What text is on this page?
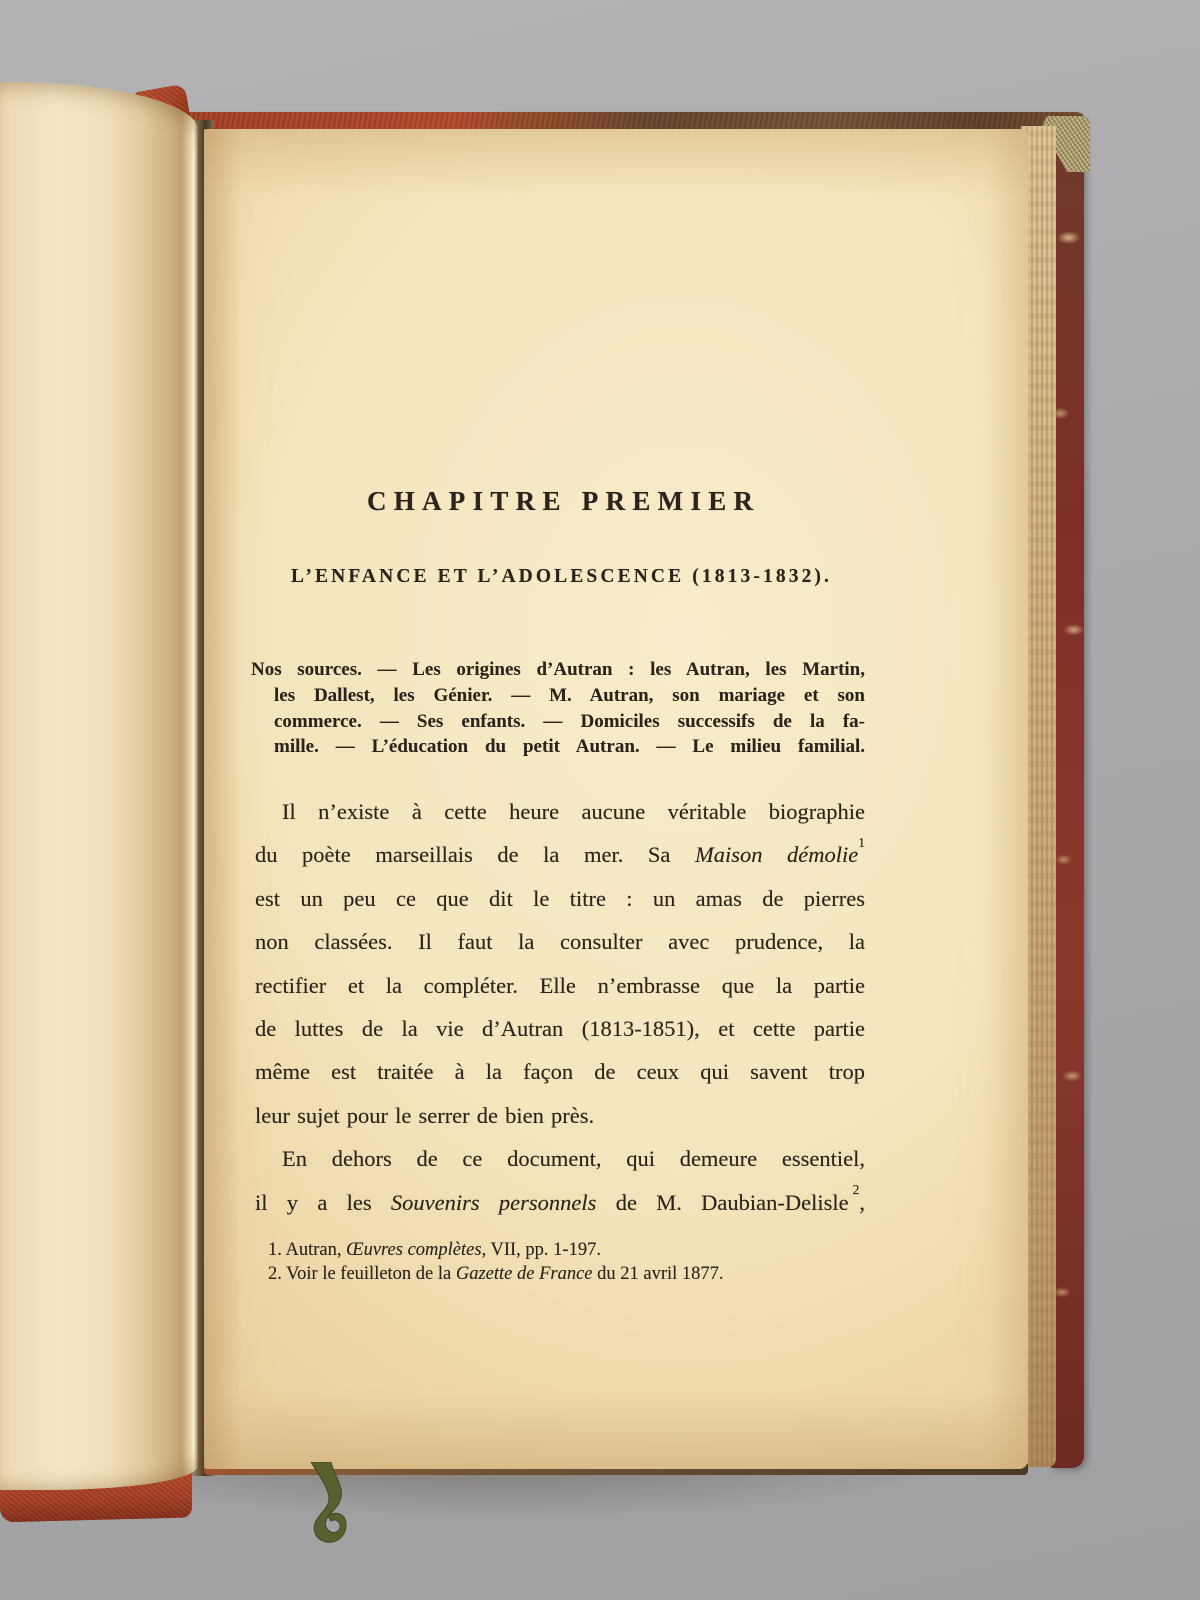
CHAPITRE PREMIER
L’ENFANCE ET L’ADOLESCENCE (1813-1832).
Nos sources. — Les origines d’Autran : les Autran, les Martin,
les Dallest, les Génier. — M. Autran, son mariage et son
commerce. — Ses enfants. — Domiciles successifs de la fa-
mille. — L’éducation du petit Autran. — Le milieu familial.
Il n’existe à cette heure aucune véritable biographie
du poète marseillais de la mer. Sa Maison démolie$^1$
est un peu ce que dit le titre : un amas de pierres
non classées. Il faut la consulter avec prudence, la
rectifier et la compléter. Elle n’embrasse que la partie
de luttes de la vie d’Autran (1813-1851), et cette partie
même est traitée à la façon de ceux qui savent trop
leur sujet pour le serrer de bien près.
En dehors de ce document, qui demeure essentiel,
il y a les Souvenirs personnels de M. Daubian-Delisle $^2$,
1. Autran, Œuvres complètes, VII, pp. 1-197.
2. Voir le feuilleton de la Gazette de France du 21 avril 1877.
